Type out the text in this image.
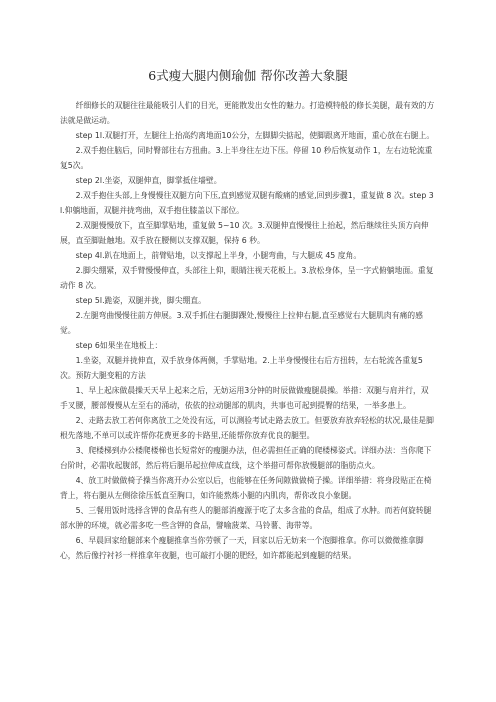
6式瘦大腿内侧瑜伽 帮你改善大象腿

纤细修长的双腿往往最能吸引人们的目光，更能散发出女性的魅力。打造模特般的修长美腿，最有效的方法就是做运动。

step 1l.双腿打开，左腿往上抬高约离地面10公分，左脚脚尖掂起，使脚跟离开地面，重心放在右腿上。

2.双手抱住脑后，同时臀部往右方扭曲。3.上半身往左边下压。停留 10 秒后恢复动作 1，左右边轮流重复5次。

step 2l.坐姿，双腿伸直，脚掌抵住墙壁。

2.双手抱住头部,上身慢慢往双腿方向下压,直到感觉双腿有酸痛的感觉,回到步骤1，重复做 8 次。step 3l.仰躺地面，双腿并拢弯曲，双手抱住膝盖以下部位。

2.双腿慢慢放下，直至脚掌贴地，重复做 5~10 次。3.双腿伸直慢慢往上抬起，然后继续往头顶方向伸展，直至脚趾触地。双手放在腰侧以支撑双腿，保持 6 秒。

step 4l.趴在地面上，前臂贴地，以支撑起上半身，小腿弯曲，与大腿成 45 度角。

2.脚尖绷紧，双手臂慢慢伸直，头部往上仰，眼睛注视天花板上。3.放松身体，呈一字式俯躺地面。重复动作 8 次。

step 5l.跪姿，双腿并拢，脚尖绷直。

2.左腿弯曲慢慢往前方伸展。3.双手抓住右腿脚踝处,慢慢往上拉伸右腿,直至感觉右大腿肌肉有痛的感觉。

step 6如果坐在地板上：

1.坐姿，双腿并拢伸直，双手放身体两侧，手掌贴地。2.上半身慢慢往右后方扭转，左右轮流各重复5次。预防大腿变粗的方法

1、早上起床做晨操天天早上起来之后，无妨运用3分钟的时辰做做瘦腿晨操。举措：双腿与肩并行，双手叉腰，腰部慢慢从左至右的涌动，依依的拉动腿部的肌肉，共事也可起到提臀的结果，一举多患上。

2、走路去放工若何你离放工之处没有远，可以测验考试走路去放工。但要放弃放弃轻松的状况,最佳是脚根先落地,不单可以或许帮你花费更多的卡路里,还能帮你放弃优良的腿型。

3、爬楼梯到办公楼爬楼梯也长短常好的瘦腿办法，但必需担任正确的爬楼梯姿式。详细办法：当你爬下台阶时，必需收起腹部，然后将后腿吊起拉伸成直线，这个举措可帮你放慢腿部的脂肪点火。

4、放工时做做椅子操当你离开办公室以后，也能够在任务间隙做做椅子操。详细举措：将身段贴正在椅背上，将右腿从左侧徐徐压低直至胸口，如许能熬炼小腿的内肌肉，帮你改良小象腿。

5、三餐用饭时选择含钾的食品有些人的腿部消瘦源于吃了太多含盐的食品，组成了水肿。而若何旋转腿部水肿的环境，就必需多吃一些含钾的食品，譬喻菠菜、马铃薯、海带等。

6、早晨回家给腿部来个瘦腿推拿当你劳顿了一天，回家以后无妨来一个泡脚推拿。你可以微微推拿脚心，然后像拧衬衫一样推拿年夜腿，也可敲打小腿的肥经，如许都能起到瘦腿的结果。
